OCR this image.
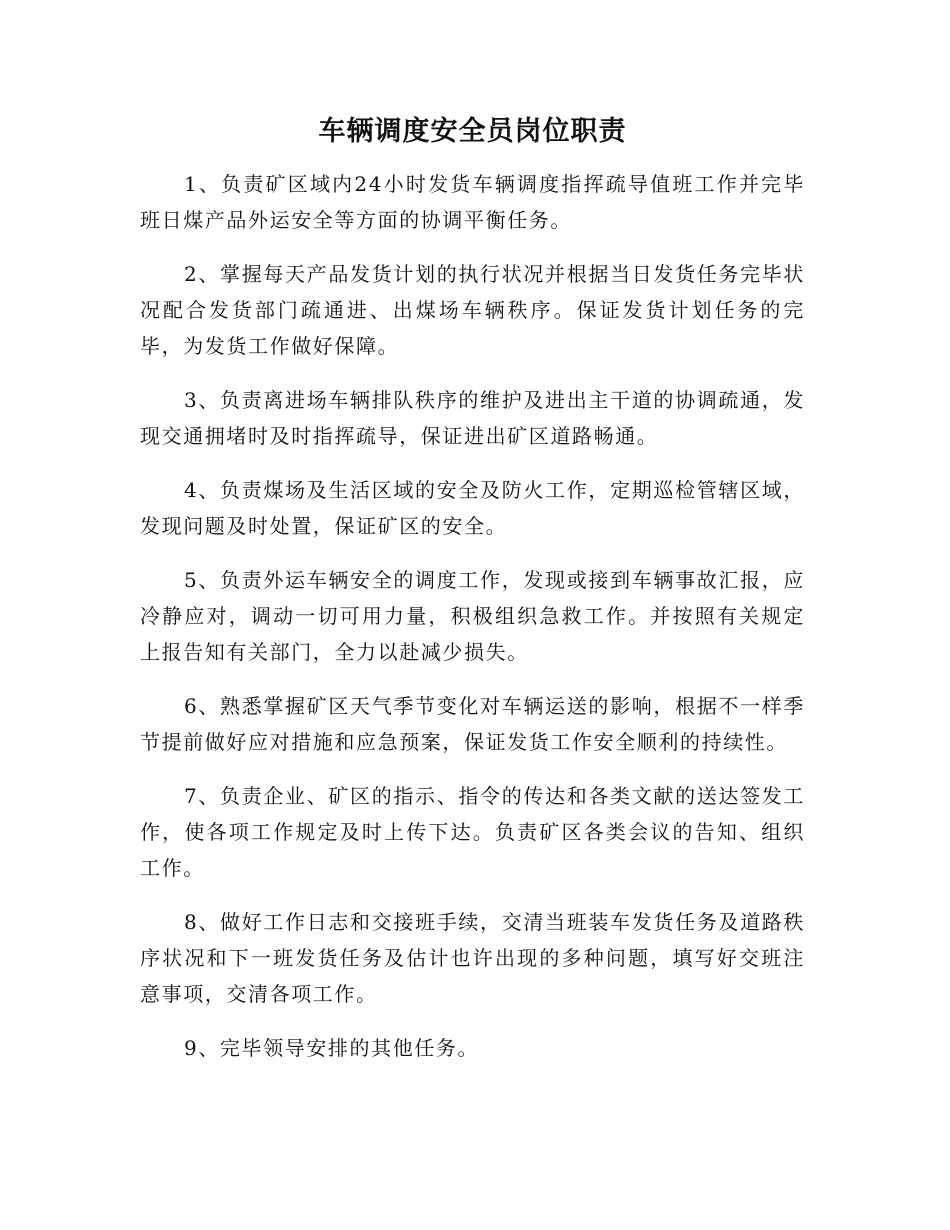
车辆调度安全员岗位职责

1、负责矿区域内24小时发货车辆调度指挥疏导值班工作并完毕班日煤产品外运安全等方面的协调平衡任务。

2、掌握每天产品发货计划的执行状况并根据当日发货任务完毕状况配合发货部门疏通进、出煤场车辆秩序。保证发货计划任务的完毕，为发货工作做好保障。

3、负责离进场车辆排队秩序的维护及进出主干道的协调疏通，发现交通拥堵时及时指挥疏导，保证进出矿区道路畅通。

4、负责煤场及生活区域的安全及防火工作，定期巡检管辖区域，发现问题及时处置，保证矿区的安全。

5、负责外运车辆安全的调度工作，发现或接到车辆事故汇报，应冷静应对，调动一切可用力量，积极组织急救工作。并按照有关规定上报告知有关部门，全力以赴减少损失。

6、熟悉掌握矿区天气季节变化对车辆运送的影响，根据不一样季节提前做好应对措施和应急预案，保证发货工作安全顺利的持续性。

7、负责企业、矿区的指示、指令的传达和各类文献的送达签发工作，使各项工作规定及时上传下达。负责矿区各类会议的告知、组织工作。

8、做好工作日志和交接班手续，交清当班装车发货任务及道路秩序状况和下一班发货任务及估计也许出现的多种问题，填写好交班注意事项，交清各项工作。

9、完毕领导安排的其他任务。
